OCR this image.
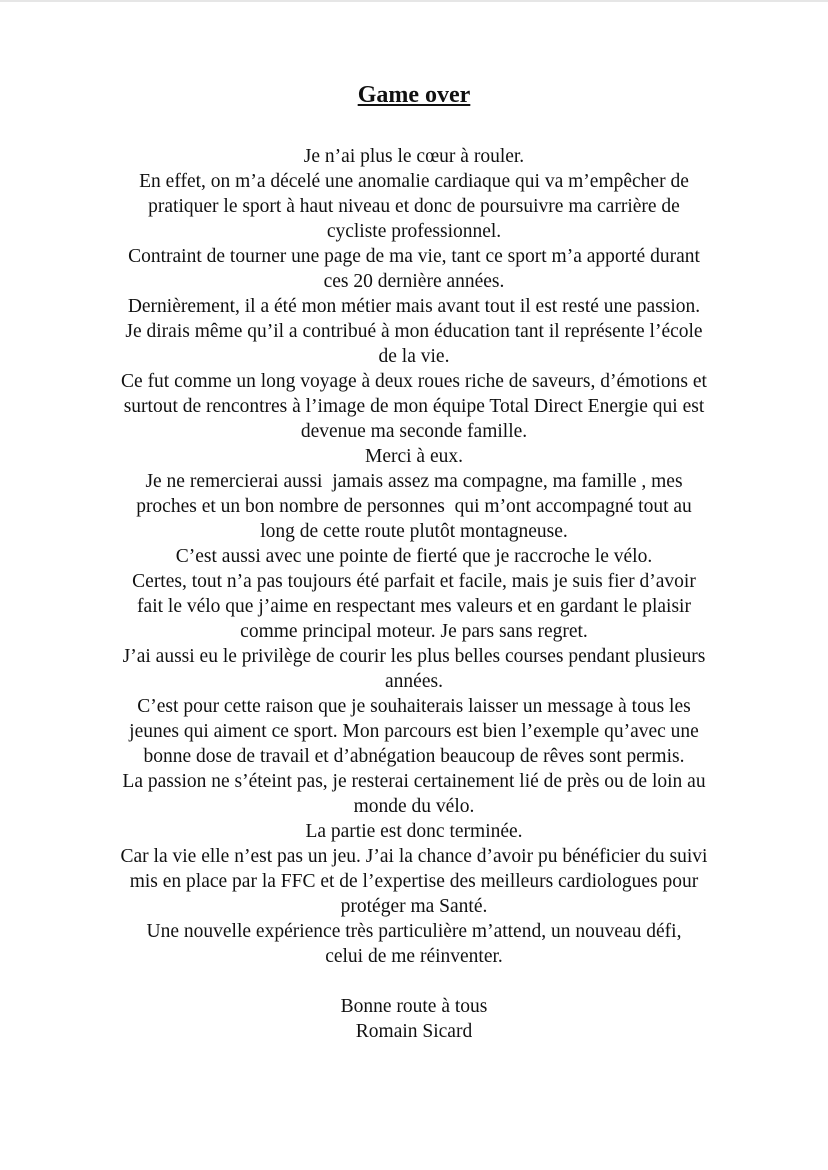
Game over
Je n’ai plus le cœur à rouler.
En effet, on m’a décelé une anomalie cardiaque qui va m’empêcher de
pratiquer le sport à haut niveau et donc de poursuivre ma carrière de
cycliste professionnel.
Contraint de tourner une page de ma vie, tant ce sport m’a apporté durant
ces 20 dernière années.
Dernièrement, il a été mon métier mais avant tout il est resté une passion.
Je dirais même qu’il a contribué à mon éducation tant il représente l’école
de la vie.
Ce fut comme un long voyage à deux roues riche de saveurs, d’émotions et
surtout de rencontres à l’image de mon équipe Total Direct Energie qui est
devenue ma seconde famille.
Merci à eux.
Je ne remercierai aussi  jamais assez ma compagne, ma famille , mes
proches et un bon nombre de personnes  qui m’ont accompagné tout au
long de cette route plutôt montagneuse.
C’est aussi avec une pointe de fierté que je raccroche le vélo.
Certes, tout n’a pas toujours été parfait et facile, mais je suis fier d’avoir
fait le vélo que j’aime en respectant mes valeurs et en gardant le plaisir
comme principal moteur. Je pars sans regret.
J’ai aussi eu le privilège de courir les plus belles courses pendant plusieurs
années.
C’est pour cette raison que je souhaiterais laisser un message à tous les
jeunes qui aiment ce sport. Mon parcours est bien l’exemple qu’avec une
bonne dose de travail et d’abnégation beaucoup de rêves sont permis.
La passion ne s’éteint pas, je resterai certainement lié de près ou de loin au
monde du vélo.
La partie est donc terminée.
Car la vie elle n’est pas un jeu. J’ai la chance d’avoir pu bénéficier du suivi
mis en place par la FFC et de l’expertise des meilleurs cardiologues pour
protéger ma Santé.
Une nouvelle expérience très particulière m’attend, un nouveau défi,
celui de me réinventer.
Bonne route à tous
Romain Sicard
